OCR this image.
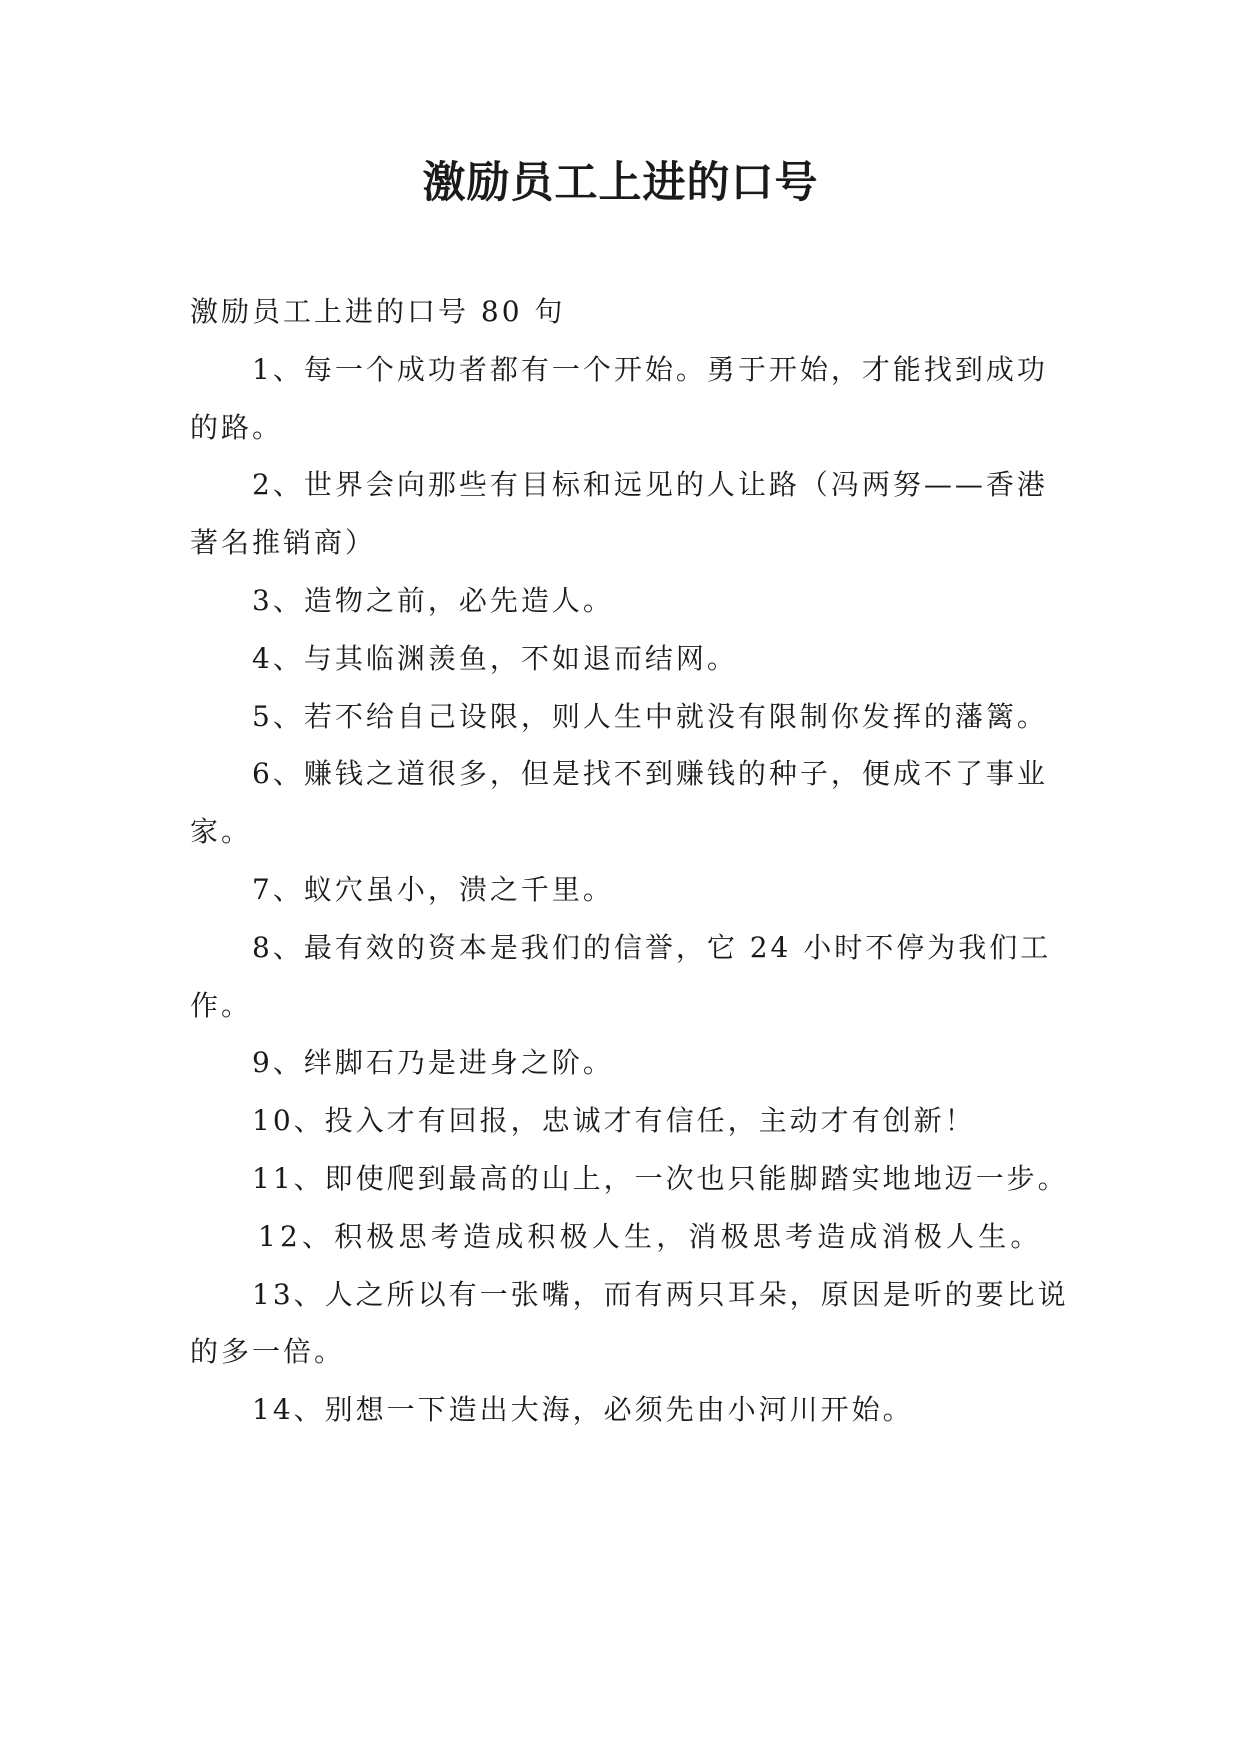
激励员工上进的口号

激励员工上进的口号 80 句

1、每一个成功者都有一个开始。勇于开始，才能找到成功的路。
2、世界会向那些有目标和远见的人让路（冯两努——香港著名推销商）
3、造物之前，必先造人。
4、与其临渊羡鱼，不如退而结网。
5、若不给自己设限，则人生中就没有限制你发挥的藩篱。
6、赚钱之道很多，但是找不到赚钱的种子，便成不了事业家。
7、蚁穴虽小，溃之千里。
8、最有效的资本是我们的信誉，它 24 小时不停为我们工作。
9、绊脚石乃是进身之阶。
10、投入才有回报，忠诚才有信任，主动才有创新！
11、即使爬到最高的山上，一次也只能脚踏实地地迈一步。
12、积极思考造成积极人生，消极思考造成消极人生。
13、人之所以有一张嘴，而有两只耳朵，原因是听的要比说的多一倍。
14、别想一下造出大海，必须先由小河川开始。
